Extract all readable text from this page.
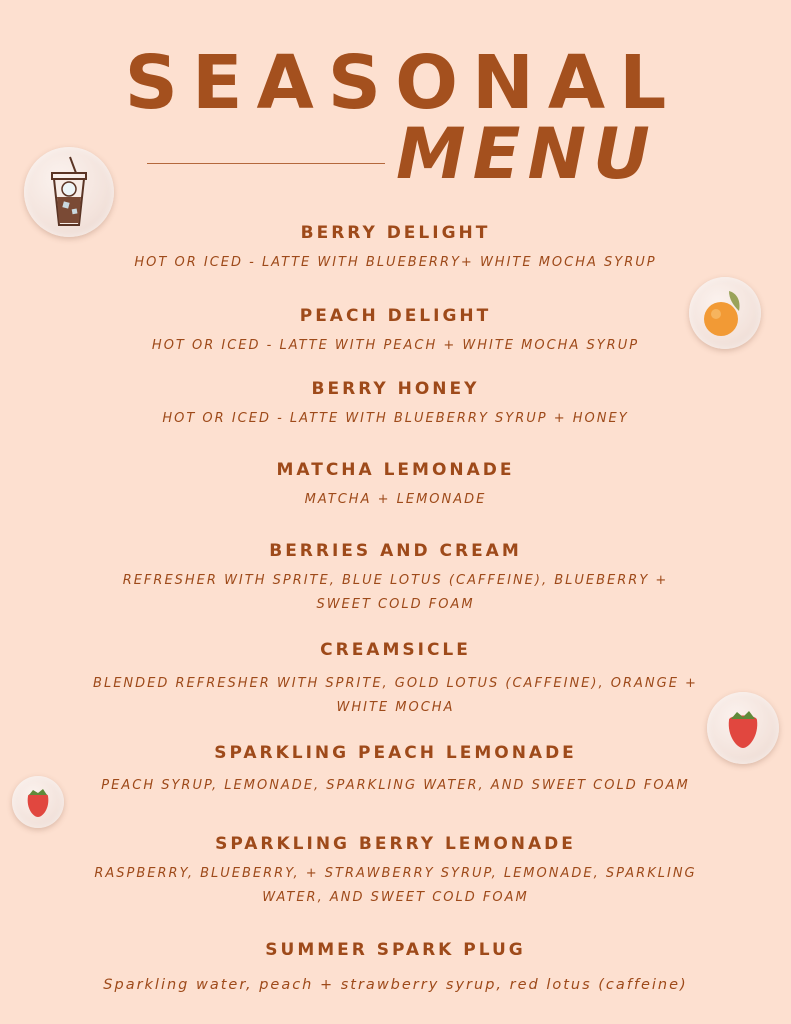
SEASONAL
MENU
BERRY DELIGHT
HOT OR ICED - LATTE WITH BLUEBERRY+ WHITE MOCHA SYRUP
PEACH DELIGHT
HOT OR ICED - LATTE WITH PEACH + WHITE MOCHA SYRUP
BERRY HONEY
HOT OR ICED - LATTE WITH BLUEBERRY SYRUP + HONEY
MATCHA LEMONADE
MATCHA + LEMONADE
BERRIES AND CREAM
REFRESHER WITH SPRITE, BLUE LOTUS (CAFFEINE), BLUEBERRY +
SWEET COLD FOAM
CREAMSICLE
BLENDED REFRESHER WITH SPRITE, GOLD LOTUS (CAFFEINE), ORANGE +
WHITE MOCHA
SPARKLING PEACH LEMONADE
PEACH SYRUP, LEMONADE, SPARKLING WATER, AND SWEET COLD FOAM
SPARKLING BERRY LEMONADE
RASPBERRY, BLUEBERRY, + STRAWBERRY SYRUP, LEMONADE, SPARKLING
WATER, AND SWEET COLD FOAM
SUMMER SPARK PLUG
Sparkling water, peach + strawberry syrup, red lotus (caffeine)
